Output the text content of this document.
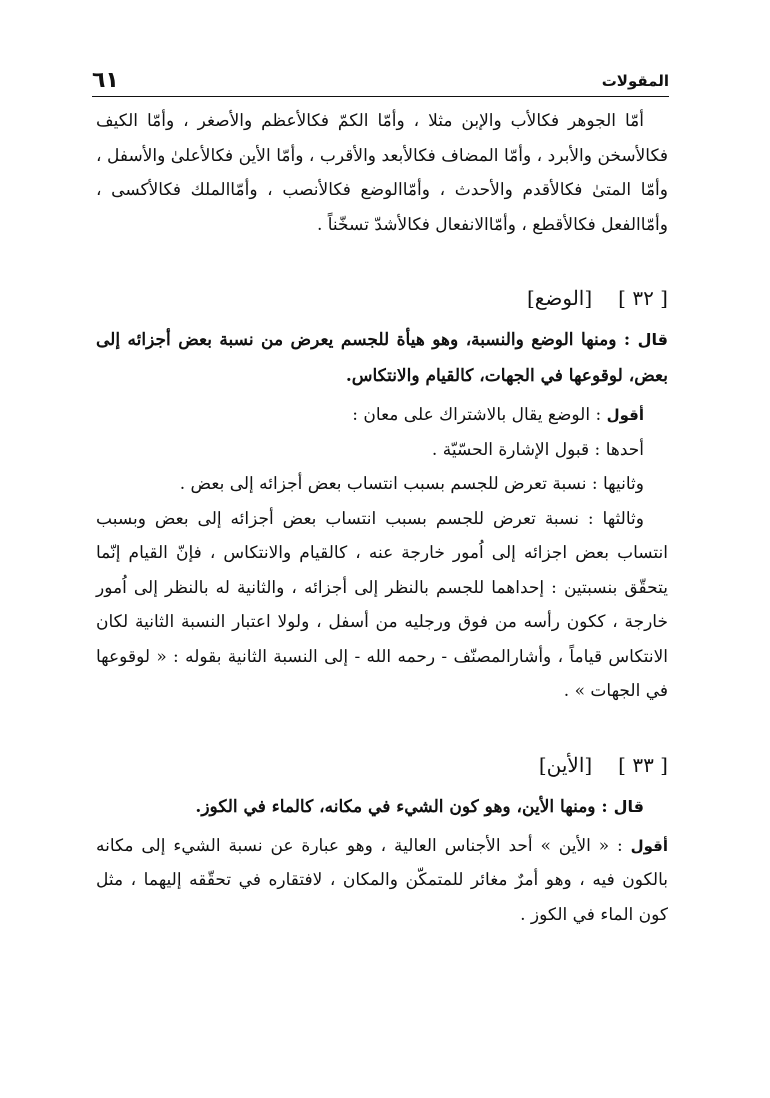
٦١	المقولات

أمّا الجوهر فكالأب والإبن مثلا ، وأمّا الكمّ فكالأعظم والأصغر ، وأمّا الكيف فكالأسخن والأبرد ، وأمّا المضاف فكالأبعد والأقرب ، وأمّا الأين فكالأعلىٰ والأسفل ، وأمّا المتىٰ فكالأقدم والأحدث ، وأمّاالوضع فكالأنصب ، وأمّاالملك فكالأكسى ، وأمّاالفعل فكالأقطع ، وأمّاالانفعال فكالأشدّ تسخّناً .

[ ٣٢ ][الوضع]

قال : ومنها الوضع والنسبة، وهو هيأة للجسم يعرض من نسبة بعض أجزائه إلى بعض، لوقوعها في الجهات، كالقيام والانتكاس.

أقول : الوضع يقال بالاشتراك على معان :

أحدها : قبول الإشارة الحسّيّة .

وثانيها : نسبة تعرض للجسم بسبب انتساب بعض أجزائه إلى بعض .

وثالثها : نسبة تعرض للجسم بسبب انتساب بعض أجزائه إلى بعض وبسبب انتساب بعض اجزائه إلى اُمور خارجة عنه ، كالقيام والانتكاس ، فإنّ القيام إنّما يتحقّق بنسبتين : إحداهما للجسم بالنظر إلى أجزائه ، والثانية له بالنظر إلى اُمور خارجة ، ككون رأسه من فوق ورجليه من أسفل ، ولولا اعتبار النسبة الثانية لكان الانتكاس قياماً ، وأشارالمصنّف - رحمه الله - إلى النسبة الثانية بقوله : « لوقوعها في الجهات » .

[ ٣٣ ][الأين]

قال : ومنها الأين، وهو كون الشيء في مكانه، كالماء في الكوز.

أقول : « الأين » أحد الأجناس العالية ، وهو عبارة عن نسبة الشيء إلى مكانه بالكون فيه ، وهو أمرٌ مغائر للمتمكّن والمكان ، لافتقاره في تحقّقه إليهما ، مثل كون الماء في الكوز .
